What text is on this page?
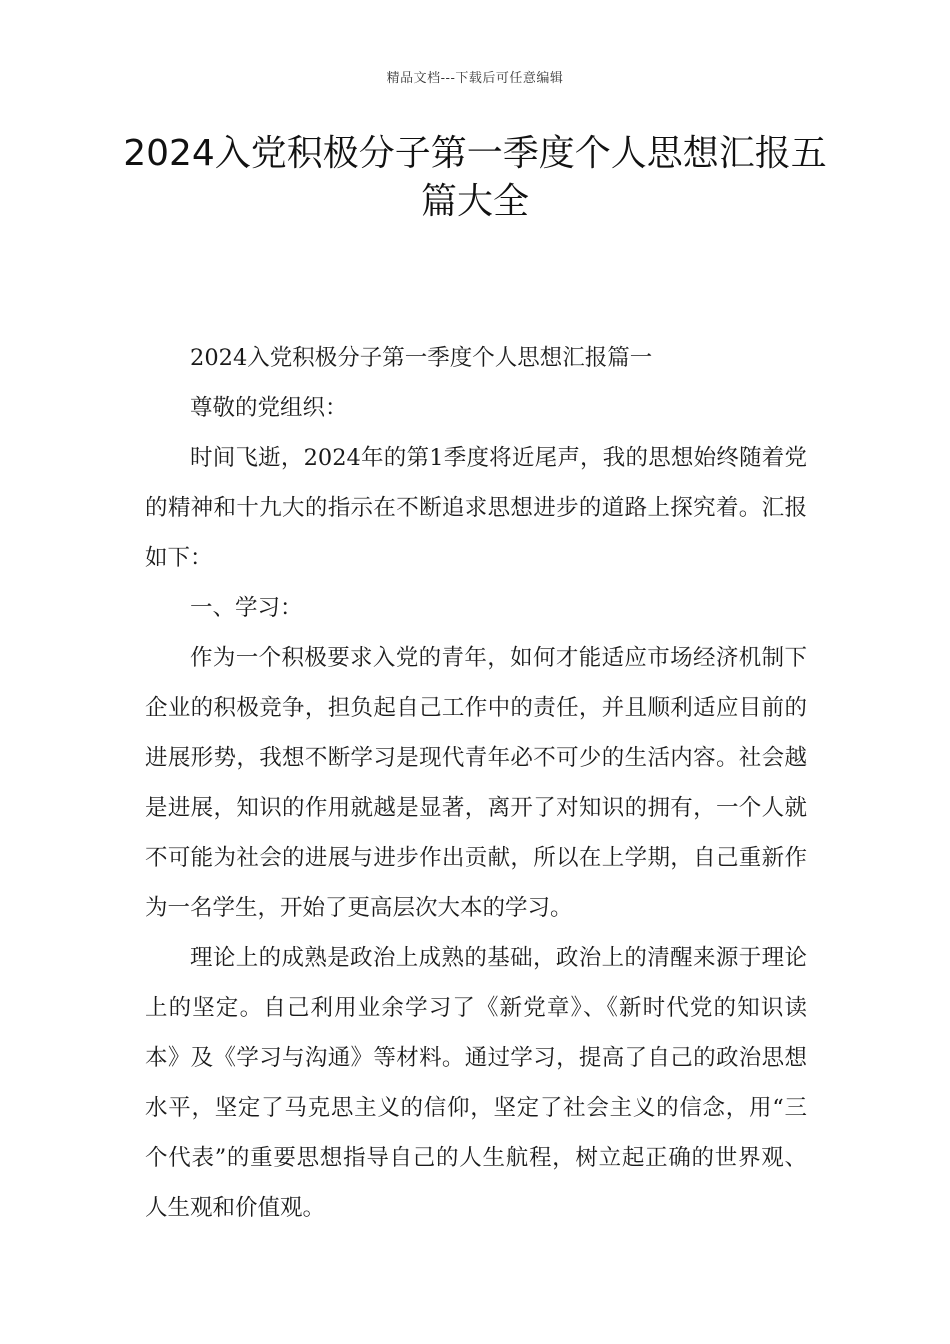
精品文档---下载后可任意编辑
2024入党积极分子第一季度个人思想汇报五篇大全

2024入党积极分子第一季度个人思想汇报篇一

尊敬的党组织：

时间飞逝，2024年的第1季度将近尾声，我的思想始终随着党的精神和十九大的指示在不断追求思想进步的道路上探究着。汇报如下：

一、学习：

作为一个积极要求入党的青年，如何才能适应市场经济机制下企业的积极竞争，担负起自己工作中的责任，并且顺利适应目前的进展形势，我想不断学习是现代青年必不可少的生活内容。社会越是进展，知识的作用就越是显著，离开了对知识的拥有，一个人就不可能为社会的进展与进步作出贡献，所以在上学期，自己重新作为一名学生，开始了更高层次大本的学习。

理论上的成熟是政治上成熟的基础，政治上的清醒来源于理论上的坚定。自己利用业余学习了《新党章》、《新时代党的知识读本》及《学习与沟通》等材料。通过学习，提高了自己的政治思想水平，坚定了马克思主义的信仰，坚定了社会主义的信念，用“三个代表”的重要思想指导自己的人生航程，树立起正确的世界观、人生观和价值观。
